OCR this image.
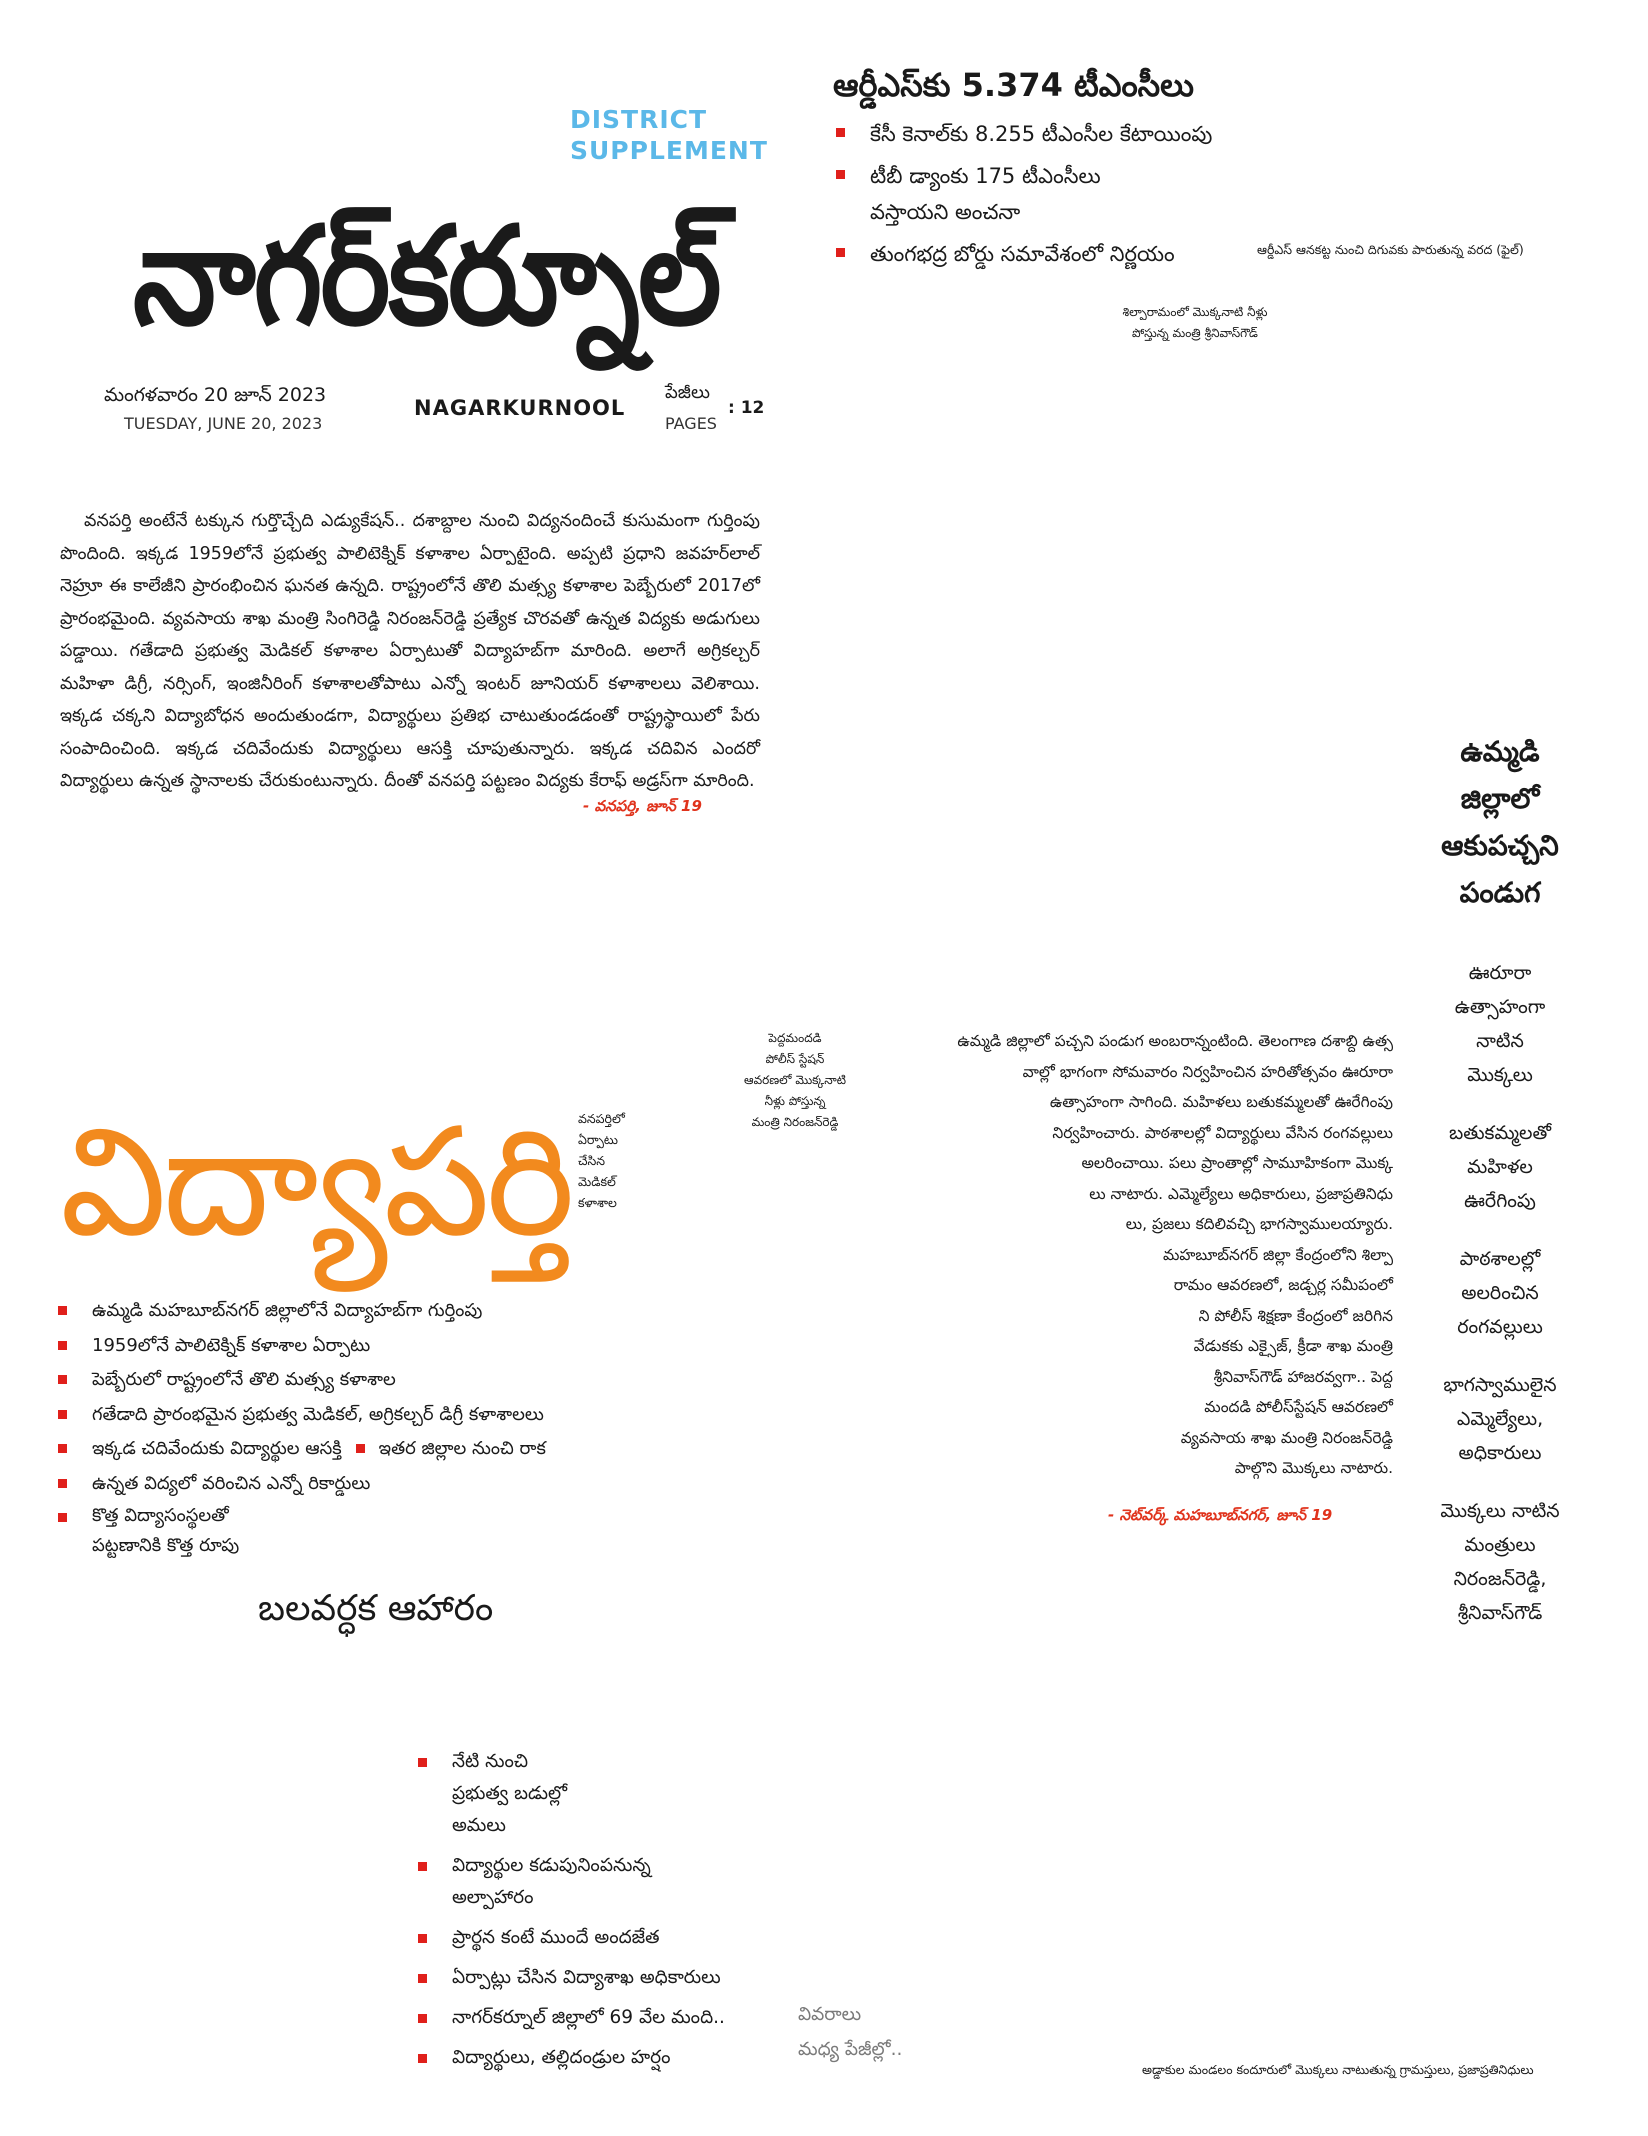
DISTRICT
SUPPLEMENT
నాగర్‌కర్నూల్
మంగళవారం 20 జూన్ 2023
TUESDAY, JUNE 20, 2023
NAGARKURNOOL
పేజీలు
PAGES
: 12
ఆర్డీఎస్‌కు 5.374 టీఎంసీలు
కేసీ కెనాల్‌కు 8.255 టీఎంసీల కేటాయింపు
టీబీ డ్యాంకు 175 టీఎంసీలు
వస్తాయని అంచనా
తుంగభద్ర బోర్డు సమావేశంలో నిర్ణయం	ఆర్డీఎస్ ఆనకట్ట నుంచి దిగువకు పారుతున్న వరద (ఫైల్)
శిల్పారామంలో మొక్కనాటి నీళ్లు
పోస్తున్న మంత్రి శ్రీనివాస్‌గౌడ్

వనపర్తి అంటేనే టక్కున గుర్తొచ్చేది ఎడ్యుకేషన్.. దశాబ్దాల నుంచి విద్యనందించే కుసుమంగా గుర్తింపు పొందింది. ఇక్కడ 1959లోనే ప్రభుత్వ పాలిటెక్నిక్ కళాశాల ఏర్పాటైంది. అప్పటి ప్రధాని జవహర్‌లాల్ నెహ్రూ ఈ కాలేజీని ప్రారంభించిన ఘనత ఉన్నది. రాష్ట్రంలోనే తొలి మత్స్య కళాశాల పెబ్బేరులో 2017లో ప్రారంభమైంది. వ్యవసాయ శాఖ మంత్రి సింగిరెడ్డి నిరంజన్‌రెడ్డి ప్రత్యేక చొరవతో ఉన్నత విద్యకు అడుగులు పడ్డాయి. గతేడాది ప్రభుత్వ మెడికల్ కళాశాల ఏర్పాటుతో విద్యాహబ్‌గా మారింది. అలాగే అగ్రికల్చర్ మహిళా డిగ్రీ, నర్సింగ్, ఇంజినీరింగ్ కళాశాలతోపాటు ఎన్నో ఇంటర్ జూనియర్ కళాశాలలు వెలిశాయి. ఇక్కడ చక్కని విద్యాబోధన అందుతుండగా, విద్యార్థులు ప్రతిభ చాటుతుండడంతో రాష్ట్రస్థాయిలో పేరు సంపాదించింది. ఇక్కడ చదివేందుకు విద్యార్థులు ఆసక్తి చూపుతున్నారు. ఇక్కడ చదివిన ఎందరో విద్యార్థులు ఉన్నత స్థానాలకు చేరుకుంటున్నారు. దీంతో వనపర్తి పట్టణం విద్యకు కేరాఫ్ అడ్రస్‌గా మారింది.

- వనపర్తి, జూన్ 19
విద్యాపర్తి వనపర్తిలో
ఏర్పాటు
చేసిన
మెడికల్
కళాశాల
ఉమ్మడి మహబూబ్‌నగర్ జిల్లాలోనే విద్యాహబ్‌గా గుర్తింపు
1959లోనే పాలిటెక్నిక్ కళాశాల ఏర్పాటు
పెబ్బేరులో రాష్ట్రంలోనే తొలి మత్స్య కళాశాల
గతేడాది ప్రారంభమైన ప్రభుత్వ మెడికల్, అగ్రికల్చర్ డిగ్రీ కళాశాలలు
ఇక్కడ చదివేందుకు విద్యార్థుల ఆసక్తి ఇతర జిల్లాల నుంచి రాక
ఉన్నత విద్యలో వరించిన ఎన్నో రికార్డులు
కొత్త విద్యాసంస్థలతో
పట్టణానికి కొత్త రూపు
బలవర్ధక ఆహారం
నేటి నుంచి
ప్రభుత్వ బడుల్లో
అమలు
విద్యార్థుల కడుపునింపనున్న
అల్పాహారం
ప్రార్థన కంటే ముందే అందజేత
ఏర్పాట్లు చేసిన విద్యాశాఖ అధికారులు
నాగర్‌కర్నూల్ జిల్లాలో 69 వేల మంది..
విద్యార్థులు, తల్లిదండ్రుల హర్షం
వివరాలు
మధ్య పేజీల్లో..
పెద్దమందడి
పోలీస్ స్టేషన్
ఆవరణలో మొక్కనాటి
నీళ్లు పోస్తున్న
మంత్రి నిరంజన్‌రెడ్డి
ఉమ్మడి జిల్లాలో పచ్చని పండుగ అంబరాన్నంటింది. తెలంగాణ దశాబ్ది ఉత్స
వాల్లో భాగంగా సోమవారం నిర్వహించిన హరితోత్సవం ఊరూరా
ఉత్సాహంగా సాగింది. మహిళలు బతుకమ్మలతో ఊరేగింపు
నిర్వహించారు. పాఠశాలల్లో విద్యార్థులు వేసిన రంగవల్లులు
అలరించాయి. పలు ప్రాంతాల్లో సామూహికంగా మొక్క
లు నాటారు. ఎమ్మెల్యేలు అధికారులు, ప్రజాప్రతినిధు
లు, ప్రజలు కదిలివచ్చి భాగస్వాములయ్యారు.
మహబూబ్‌నగర్ జిల్లా కేంద్రంలోని శిల్పా
రామం ఆవరణలో, జడ్చర్ల సమీపంలో
ని పోలీస్ శిక్షణా కేంద్రంలో జరిగిన
వేడుకకు ఎక్సైజ్, క్రీడా శాఖ మంత్రి
శ్రీనివాస్‌గౌడ్ హాజరవ్వగా.. పెద్ద
మందడి పోలీస్‌స్టేషన్ ఆవరణలో
వ్యవసాయ శాఖ మంత్రి నిరంజన్‌రెడ్డి
పాల్గొని మొక్కలు నాటారు.
- నెట్‌వర్క్ మహబూబ్‌నగర్, జూన్ 19
ఉమ్మడి
జిల్లాలో
ఆకుపచ్చని
పండుగ
ఊరూరా
ఉత్సాహంగా
నాటిన
మొక్కలు
బతుకమ్మలతో
మహిళల
ఊరేగింపు
పాఠశాలల్లో
అలరించిన
రంగవల్లులు
భాగస్వాములైన
ఎమ్మెల్యేలు,
అధికారులు
మొక్కలు నాటిన
మంత్రులు
నిరంజన్‌రెడ్డి,
శ్రీనివాస్‌గౌడ్
అడ్డాకుల మండలం కందూరులో మొక్కలు నాటుతున్న గ్రామస్తులు, ప్రజాప్రతినిధులు
